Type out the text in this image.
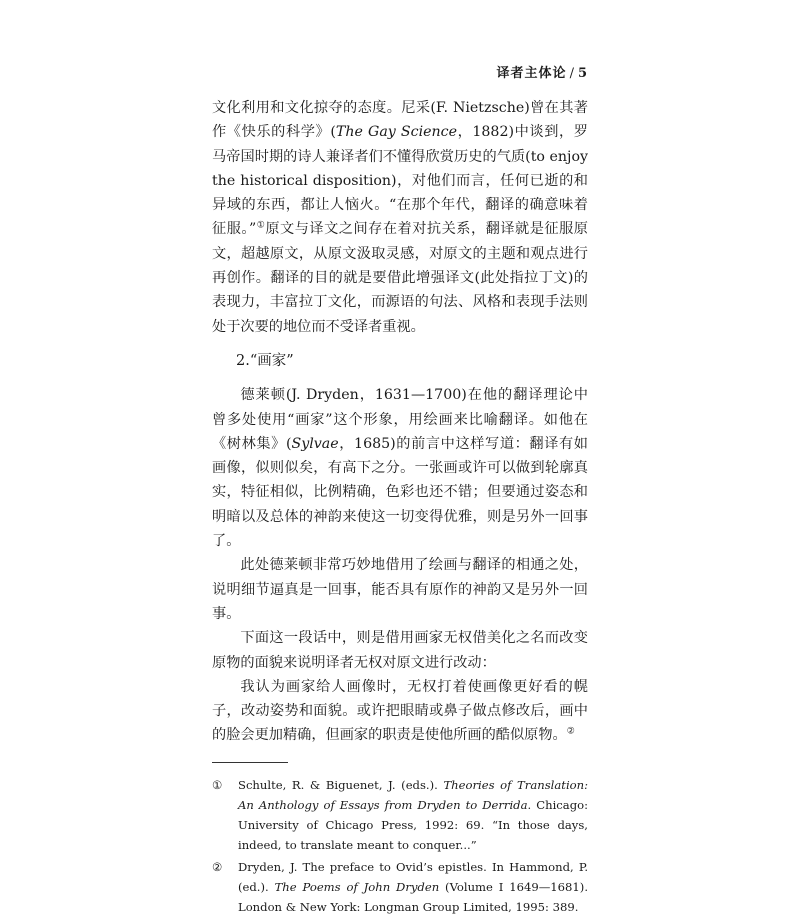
译者主体论 / 5

文化利用和文化掠夺的态度。尼采(F. Nietzsche)曾在其著作《快乐的科学》(The Gay Science，1882)中谈到，罗马帝国时期的诗人兼译者们不懂得欣赏历史的气质(to enjoy the historical disposition)，对他们而言，任何已逝的和异域的东西，都让人恼火。“在那个年代，翻译的确意味着征服。”①原文与译文之间存在着对抗关系，翻译就是征服原文，超越原文，从原文汲取灵感，对原文的主题和观点进行再创作。翻译的目的就是要借此增强译文(此处指拉丁文)的表现力，丰富拉丁文化，而源语的句法、风格和表现手法则处于次要的地位而不受译者重视。

2.“画家”

德莱顿(J. Dryden，1631—1700)在他的翻译理论中曾多处使用“画家”这个形象，用绘画来比喻翻译。如他在《树林集》(Sylvae，1685)的前言中这样写道：翻译有如画像，似则似矣，有高下之分。一张画或许可以做到轮廓真实，特征相似，比例精确，色彩也还不错；但要通过姿态和明暗以及总体的神韵来使这一切变得优雅，则是另外一回事了。

此处德莱顿非常巧妙地借用了绘画与翻译的相通之处，说明细节逼真是一回事，能否具有原作的神韵又是另外一回事。

下面这一段话中，则是借用画家无权借美化之名而改变原物的面貌来说明译者无权对原文进行改动：

我认为画家给人画像时，无权打着使画像更好看的幌子，改动姿势和面貌。或许把眼睛或鼻子做点修改后，画中的脸会更加精确，但画家的职责是使他所画的酷似原物。②

① Schulte, R. & Biguenet, J. (eds.). Theories of Translation: An Anthology of Essays from Dryden to Derrida. Chicago: University of Chicago Press, 1992: 69. “In those days, indeed, to translate meant to conquer...”
② Dryden, J. The preface to Ovid’s epistles. In Hammond, P. (ed.). The Poems of John Dryden (Volume I 1649—1681). London & New York: Longman Group Limited, 1995: 389.
